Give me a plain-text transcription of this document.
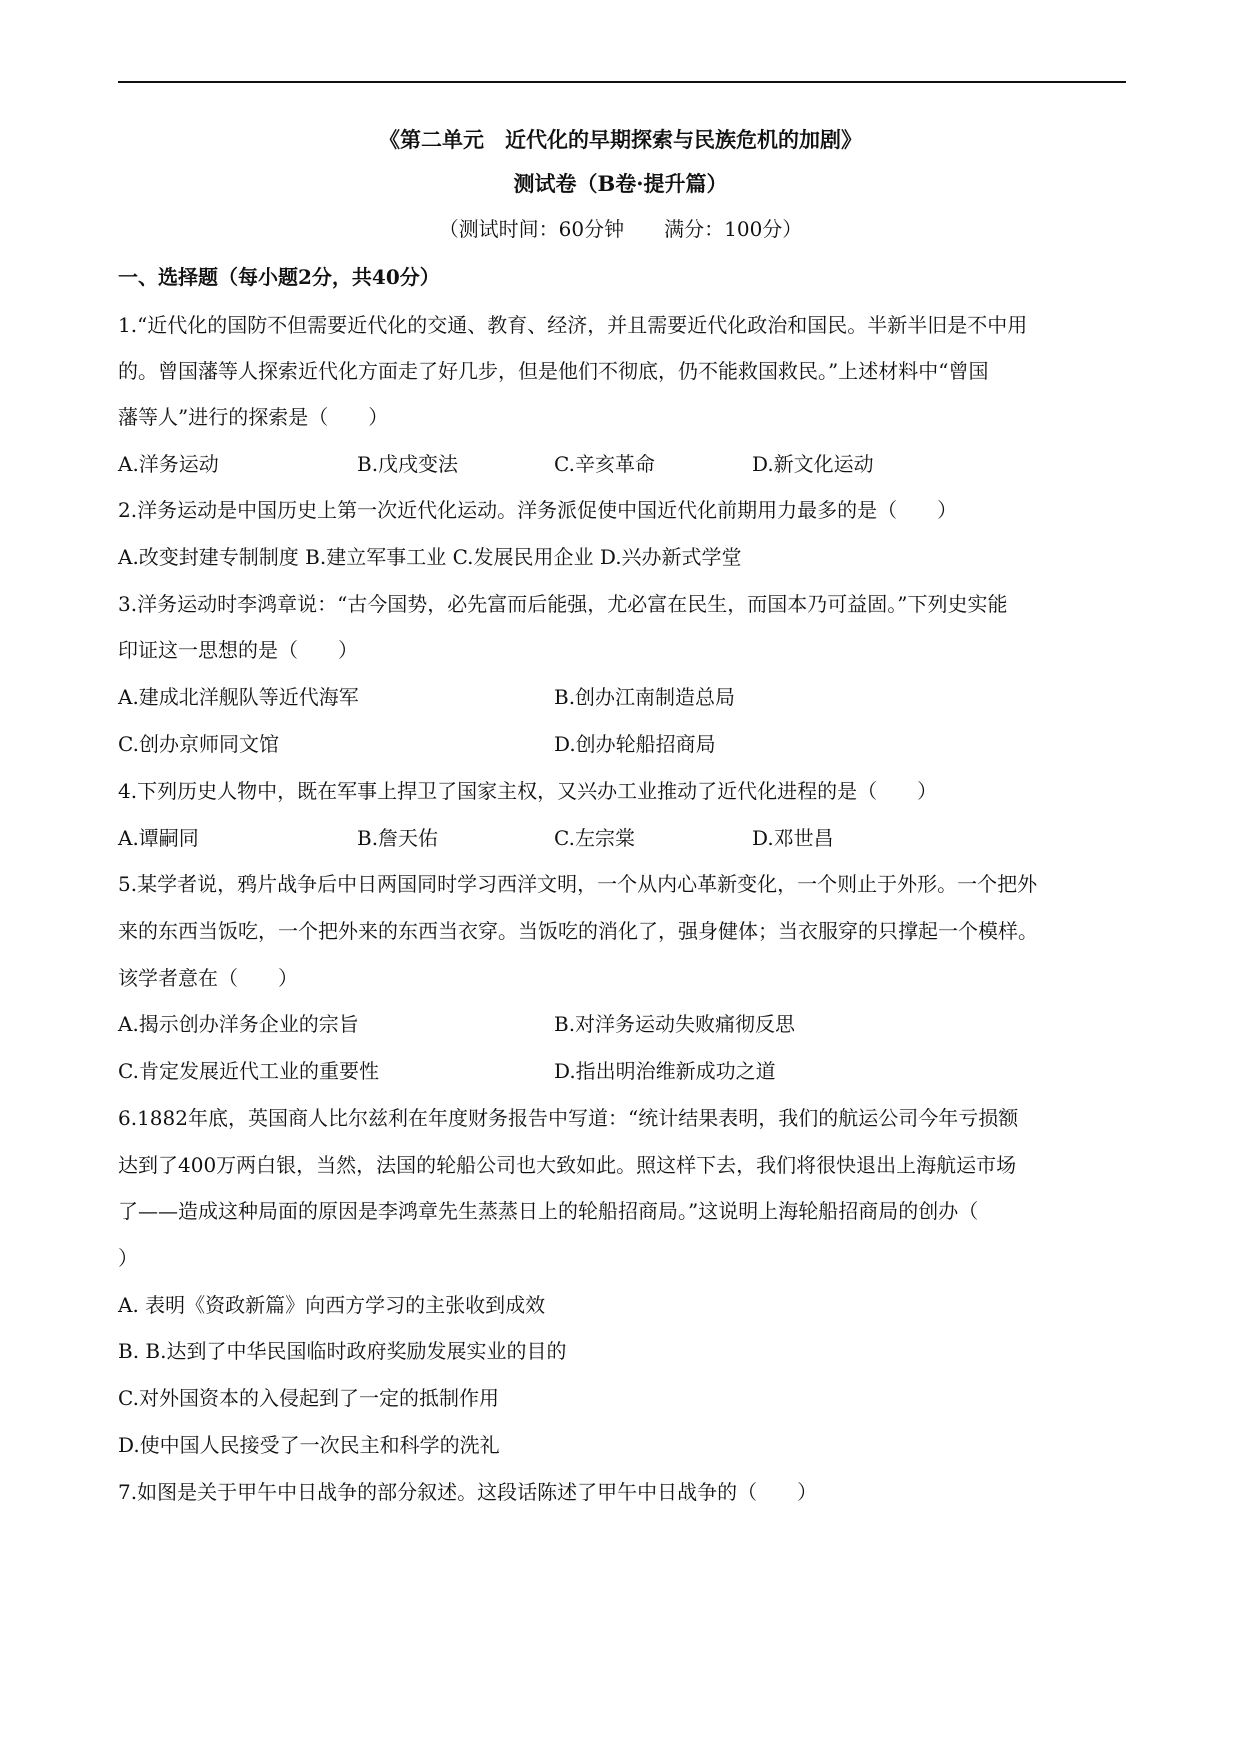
《第二单元　近代化的早期探索与民族危机的加剧》
测试卷（B卷·提升篇）
（测试时间：60分钟　　满分：100分）
一、选择题（每小题2分，共40分）
1.“近代化的国防不但需要近代化的交通、教育、经济，并且需要近代化政治和国民。半新半旧是不中用
的。曾国藩等人探索近代化方面走了好几步，但是他们不彻底，仍不能救国救民。”上述材料中“曾国
藩等人”进行的探索是（　　）
A.洋务运动	B.戊戌变法	C.辛亥革命	D.新文化运动
2.洋务运动是中国历史上第一次近代化运动。洋务派促使中国近代化前期用力最多的是（　　）
A.改变封建专制制度 B.建立军事工业 C.发展民用企业 D.兴办新式学堂
3.洋务运动时李鸿章说：“古今国势，必先富而后能强，尤必富在民生，而国本乃可益固。”下列史实能
印证这一思想的是（　　）
A.建成北洋舰队等近代海军	B.创办江南制造总局
C.创办京师同文馆	D.创办轮船招商局
4.下列历史人物中，既在军事上捍卫了国家主权，又兴办工业推动了近代化进程的是（　　）
A.谭嗣同	B.詹天佑	C.左宗棠	D.邓世昌
5.某学者说，鸦片战争后中日两国同时学习西洋文明，一个从内心革新变化，一个则止于外形。一个把外
来的东西当饭吃，一个把外来的东西当衣穿。当饭吃的消化了，强身健体；当衣服穿的只撑起一个模样。
该学者意在（　　）
A.揭示创办洋务企业的宗旨	B.对洋务运动失败痛彻反思
C.肯定发展近代工业的重要性	D.指出明治维新成功之道
6.1882年底，英国商人比尔兹利在年度财务报告中写道：“统计结果表明，我们的航运公司今年亏损额
达到了400万两白银，当然，法国的轮船公司也大致如此。照这样下去，我们将很快退出上海航运市场
了——造成这种局面的原因是李鸿章先生蒸蒸日上的轮船招商局。”这说明上海轮船招商局的创办（
）
A. 表明《资政新篇》向西方学习的主张收到成效
B. B.达到了中华民国临时政府奖励发展实业的目的
C.对外国资本的入侵起到了一定的抵制作用
D.使中国人民接受了一次民主和科学的洗礼
7.如图是关于甲午中日战争的部分叙述。这段话陈述了甲午中日战争的（　　）
